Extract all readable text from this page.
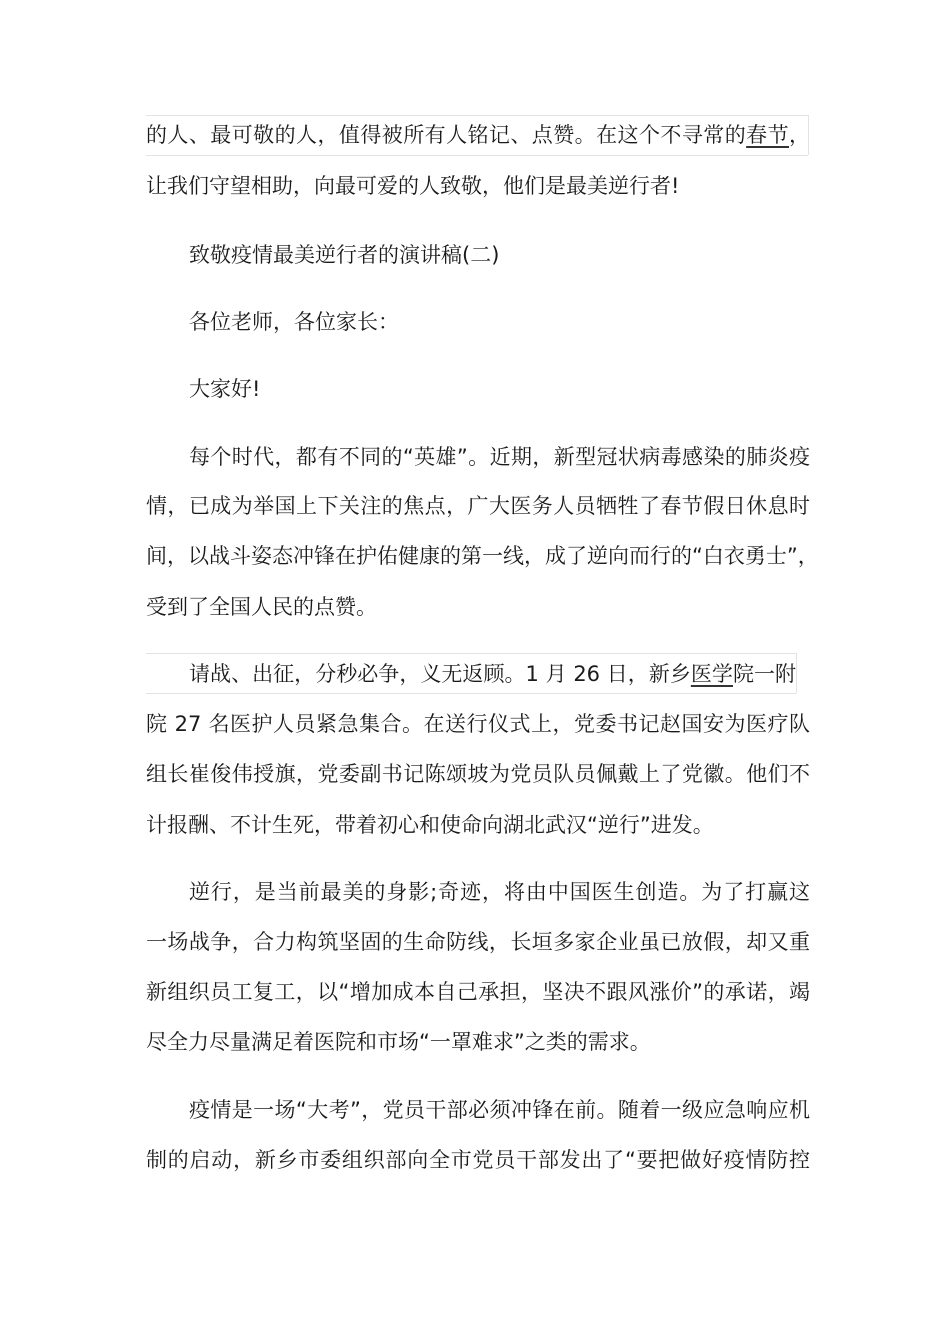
的人、最可敬的人，值得被所有人铭记、点赞。在这个不寻常的春节，
让我们守望相助，向最可爱的人致敬，他们是最美逆行者!
致敬疫情最美逆行者的演讲稿(二)
各位老师，各位家长：
大家好!
每个时代，都有不同的“英雄”。近期，新型冠状病毒感染的肺炎疫
情，已成为举国上下关注的焦点，广大医务人员牺牲了春节假日休息时
间，以战斗姿态冲锋在护佑健康的第一线，成了逆向而行的“白衣勇士”，
受到了全国人民的点赞。
请战、出征，分秒必争，义无返顾。1 月 26 日，新乡医学院一附
院 27 名医护人员紧急集合。在送行仪式上，党委书记赵国安为医疗队
组长崔俊伟授旗，党委副书记陈颂坡为党员队员佩戴上了党徽。他们不
计报酬、不计生死，带着初心和使命向湖北武汉“逆行”进发。
逆行，是当前最美的身影;奇迹，将由中国医生创造。为了打赢这
一场战争，合力构筑坚固的生命防线，长垣多家企业虽已放假，却又重
新组织员工复工，以“增加成本自己承担，坚决不跟风涨价”的承诺，竭
尽全力尽量满足着医院和市场“一罩难求”之类的需求。
疫情是一场“大考”，党员干部必须冲锋在前。随着一级应急响应机
制的启动，新乡市委组织部向全市党员干部发出了“要把做好疫情防控
